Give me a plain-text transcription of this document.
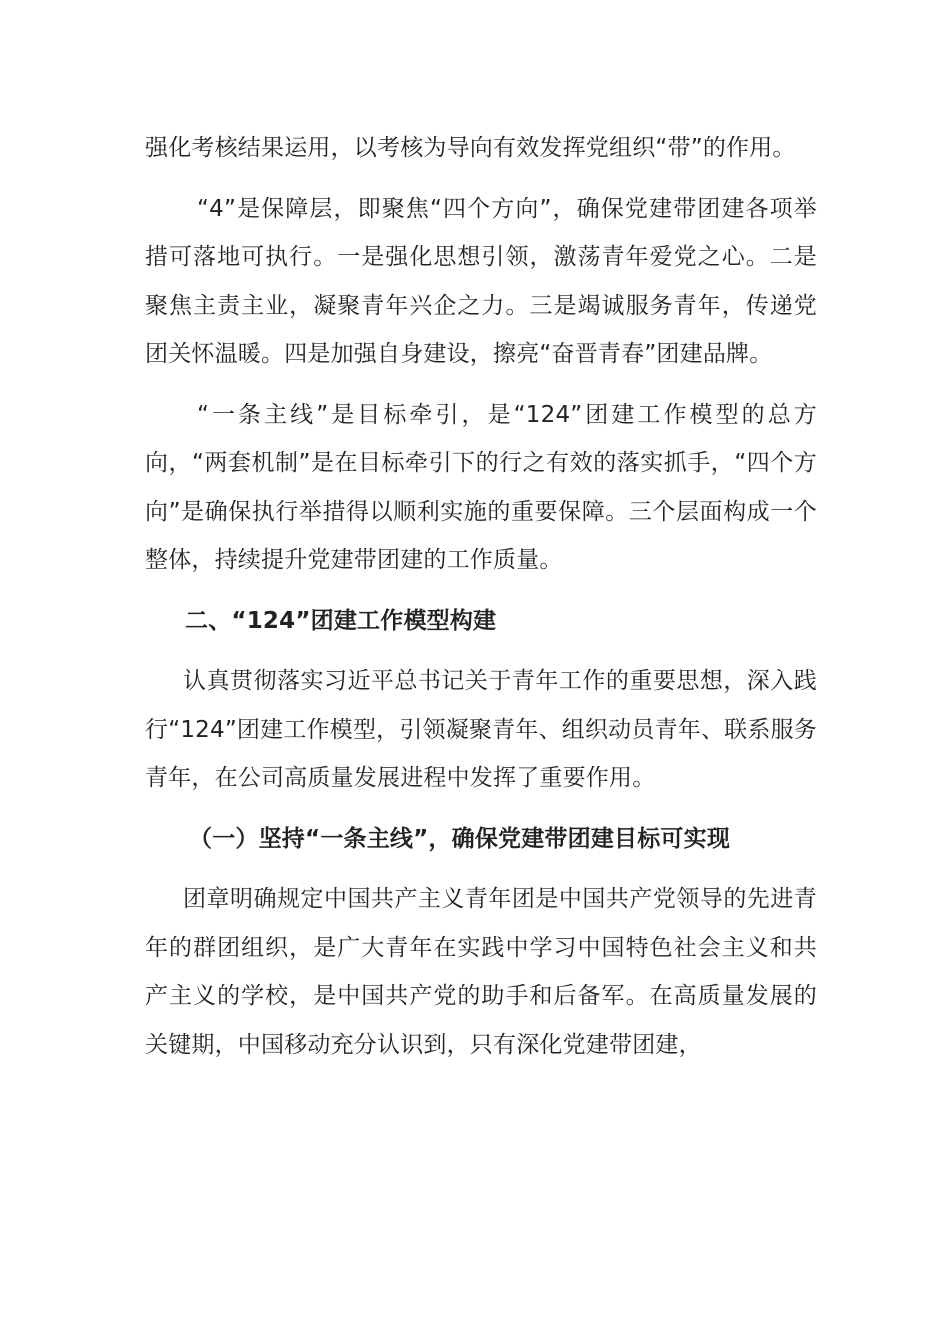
强化考核结果运用，以考核为导向有效发挥党组织“带”的作用。

“4”是保障层，即聚焦“四个方向”，确保党建带团建各项举措可落地可执行。一是强化思想引领，激荡青年爱党之心。二是聚焦主责主业，凝聚青年兴企之力。三是竭诚服务青年，传递党团关怀温暖。四是加强自身建设，擦亮“奋晋青春”团建品牌。

“一条主线”是目标牵引，是“124”团建工作模型的总方向，“两套机制”是在目标牵引下的行之有效的落实抓手，“四个方向”是确保执行举措得以顺利实施的重要保障。三个层面构成一个整体，持续提升党建带团建的工作质量。

二、“124”团建工作模型构建

认真贯彻落实习近平总书记关于青年工作的重要思想，深入践行“124”团建工作模型，引领凝聚青年、组织动员青年、联系服务青年，在公司高质量发展进程中发挥了重要作用。

（一）坚持“一条主线”，确保党建带团建目标可实现

团章明确规定中国共产主义青年团是中国共产党领导的先进青年的群团组织，是广大青年在实践中学习中国特色社会主义和共产主义的学校，是中国共产党的助手和后备军。在高质量发展的关键期，中国移动充分认识到，只有深化党建带团建，
